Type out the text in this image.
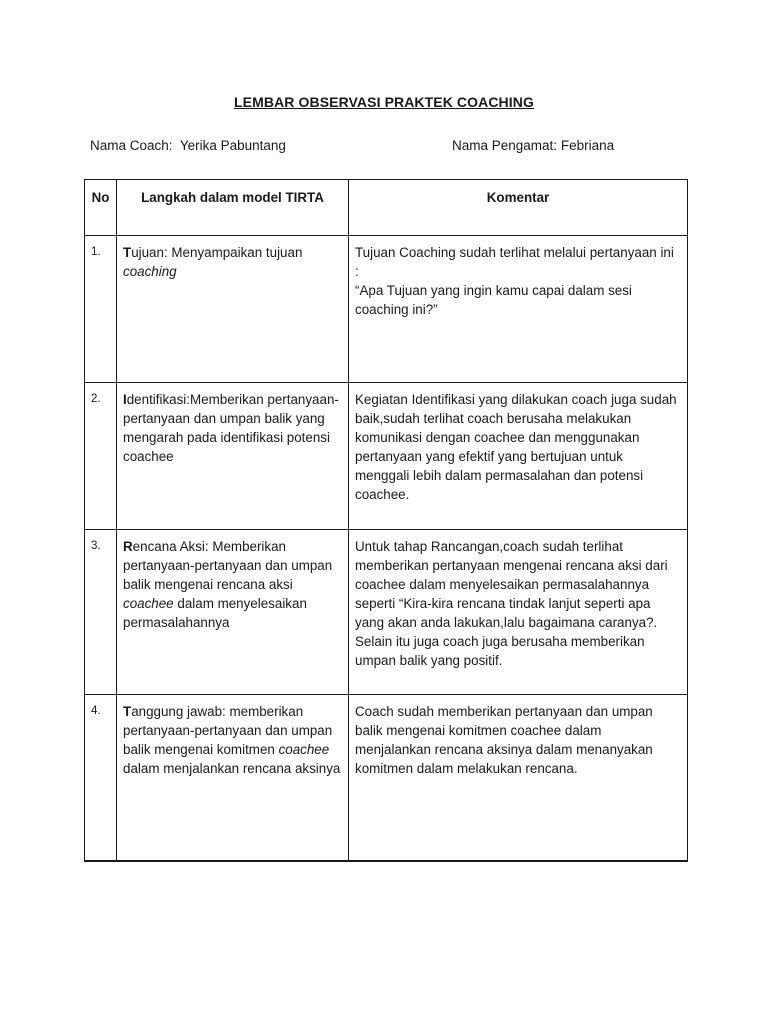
LEMBAR OBSERVASI PRAKTEK COACHING
Nama Coach: Yerika Pabuntang	Nama Pengamat: Febriana
No	Langkah dalam model TIRTA	Komentar
1.	Tujuan: Menyampaikan tujuan coaching	Tujuan Coaching sudah terlihat melalui pertanyaan ini :
“Apa Tujuan yang ingin kamu capai dalam sesi coaching ini?”

2.	Identifikasi:Memberikan pertanyaan-pertanyaan dan umpan balik yang mengarah pada identifikasi potensi coachee	Kegiatan Identifikasi yang dilakukan coach juga sudah baik,sudah terlihat coach berusaha melakukan komunikasi dengan coachee dan menggunakan pertanyaan yang efektif yang bertujuan untuk menggali lebih dalam permasalahan dan potensi coachee.

3.	Rencana Aksi: Memberikan pertanyaan-pertanyaan dan umpan balik mengenai rencana aksi coachee dalam menyelesaikan permasalahannya	Untuk tahap Rancangan,coach sudah terlihat memberikan pertanyaan mengenai rencana aksi dari coachee dalam menyelesaikan permasalahannya seperti “Kira-kira rencana tindak lanjut seperti apa yang akan anda lakukan,lalu bagaimana caranya?.
Selain itu juga coach juga berusaha memberikan umpan balik yang positif.

4.	Tanggung jawab: memberikan pertanyaan-pertanyaan dan umpan balik mengenai komitmen coachee dalam menjalankan rencana aksinya	Coach sudah memberikan pertanyaan dan umpan balik mengenai komitmen coachee dalam menjalankan rencana aksinya dalam menanyakan komitmen dalam melakukan rencana.
